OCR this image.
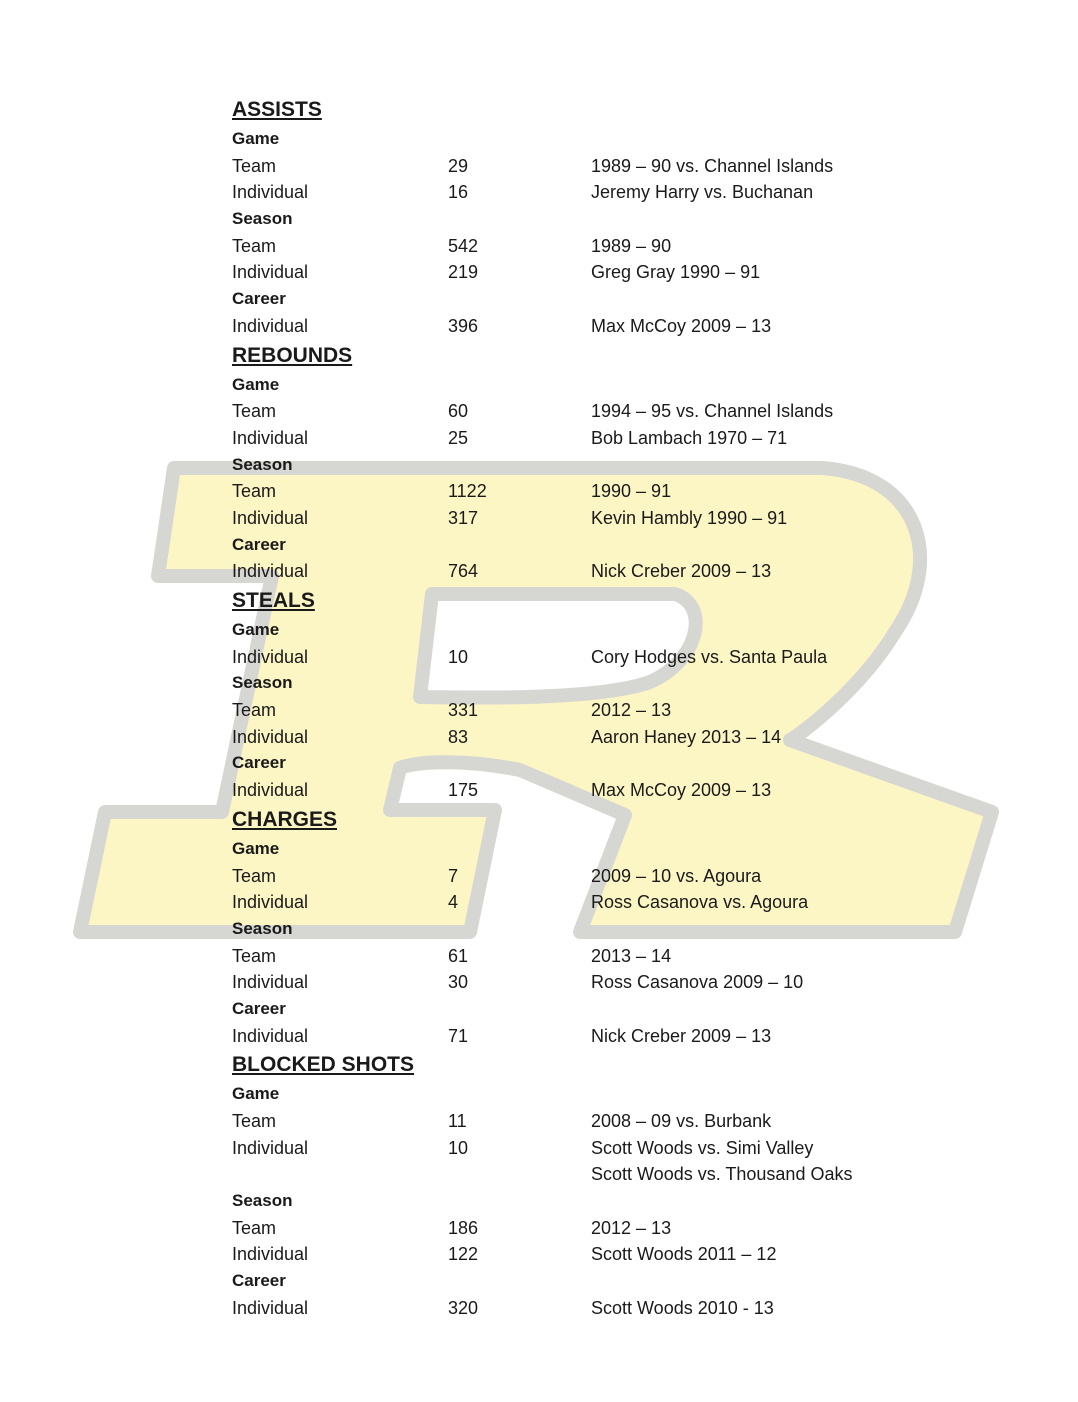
ASSISTS
Game
Team	29	1989 – 90 vs. Channel Islands
Individual	16	Jeremy Harry vs. Buchanan
Season
Team	542	1989 – 90
Individual	219	Greg Gray 1990 – 91
Career
Individual	396	Max McCoy 2009 – 13
REBOUNDS
Game
Team	60	1994 – 95 vs. Channel Islands
Individual	25	Bob Lambach 1970 – 71
Season
Team	1122	1990 – 91
Individual	317	Kevin Hambly 1990 – 91
Career
Individual	764	Nick Creber 2009 – 13
STEALS
Game
Individual	10	Cory Hodges vs. Santa Paula
Season
Team	331	2012 – 13
Individual	83	Aaron Haney 2013 – 14
Career
Individual	175	Max McCoy 2009 – 13
CHARGES
Game
Team	7	2009 – 10 vs. Agoura
Individual	4	Ross Casanova vs. Agoura
Season
Team	61	2013 – 14
Individual	30	Ross Casanova 2009 – 10
Career
Individual	71	Nick Creber 2009 – 13
BLOCKED SHOTS
Game
Team	11	2008 – 09 vs. Burbank
Individual	10	Scott Woods vs. Simi Valley
Scott Woods vs. Thousand Oaks
Season
Team	186	2012 – 13
Individual	122	Scott Woods 2011 – 12
Career
Individual	320	Scott Woods 2010 - 13
